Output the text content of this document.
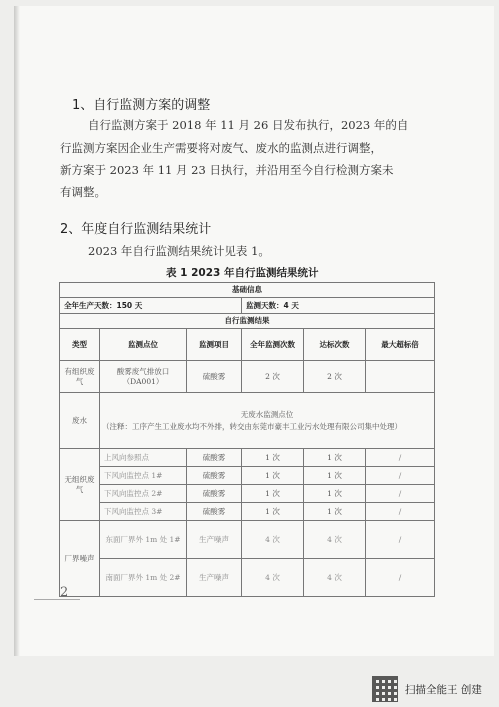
1、自行监测方案的调整
自行监测方案于 2018 年 11 月 26 日发布执行，2023 年的自
行监测方案因企业生产需要将对废气、废水的监测点进行调整，
新方案于 2023 年 11 月 23 日执行，并沿用至今自行检测方案未
有调整。
2、年度自行监测结果统计
2023 年自行监测结果统计见表 1。
表 1 2023 年自行监测结果统计
基础信息					
全年生产天数：150 天			监测天数：4 天		
自行监测结果					
类型	监测点位	监测项目	全年监测次数	达标次数	最大超标倍
有组织废气	酸雾废气排放口（DA001）	硫酸雾	2 次	2 次	
废水	无废水监测点位
（注释：工序产生工业废水均不外排，转交由东莞市豪丰工业污水处理有限公司集中处理）				

无组织废气	上风向参照点	硫酸雾	1 次	1 次	/
	下风向监控点 1#	硫酸雾	1 次	1 次	/
	下风向监控点 2#	硫酸雾	1 次	1 次	/
	下风向监控点 3#	硫酸雾	1 次	1 次	/
厂界噪声	东面厂界外 1m 处 1#	生产噪声	4 次	4 次	/
	南面厂界外 1m 处 2#	生产噪声	4 次	4 次	/
2
扫描全能王 创建
